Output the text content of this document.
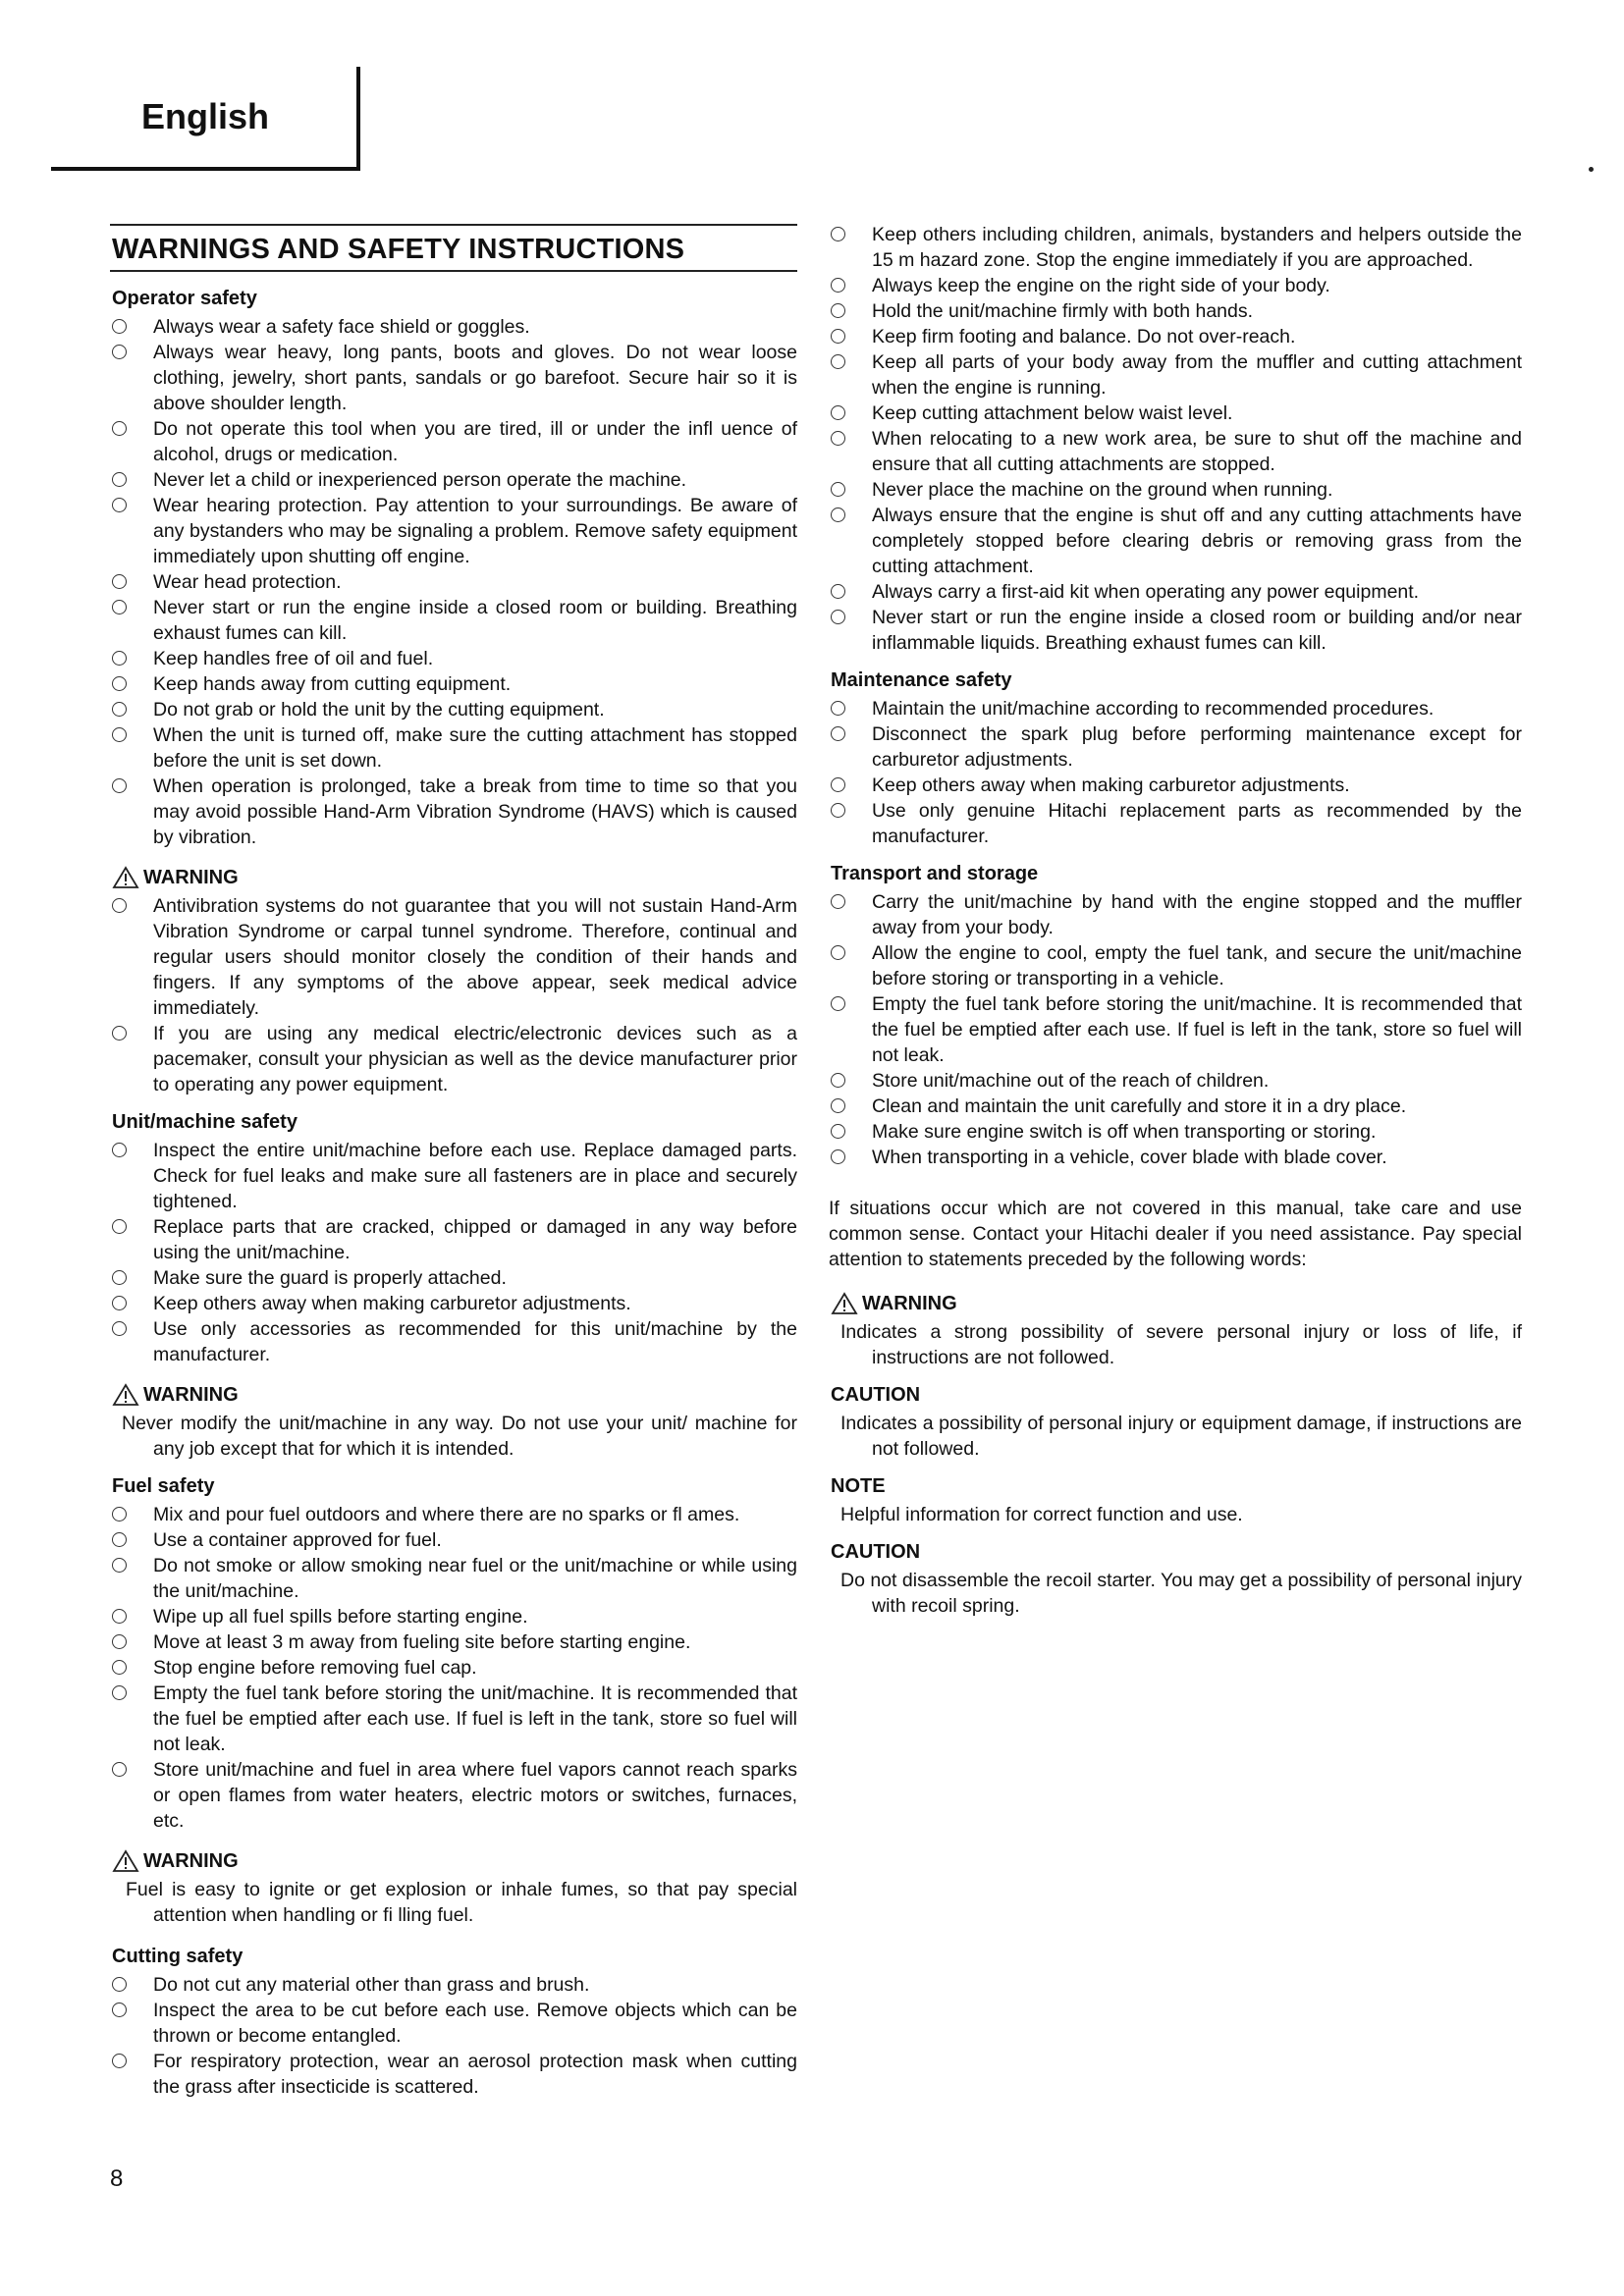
English
WARNINGS AND SAFETY INSTRUCTIONS
Operator safety
Always wear a safety face shield or goggles.
Always wear heavy, long pants, boots and gloves. Do not wear loose clothing, jewelry, short pants, sandals or go barefoot. Secure hair so it is above shoulder length.
Do not operate this tool when you are tired, ill or under the infl uence of alcohol, drugs or medication.
Never let a child or inexperienced person operate the machine.
Wear hearing protection. Pay attention to your surroundings. Be aware of any bystanders who may be signaling a problem. Remove safety equipment immediately upon shutting off engine.
Wear head protection.
Never start or run the engine inside a closed room or building. Breathing exhaust fumes can kill.
Keep handles free of oil and fuel.
Keep hands away from cutting equipment.
Do not grab or hold the unit by the cutting equipment.
When the unit is turned off, make sure the cutting attachment has stopped before the unit is set down.
When operation is prolonged, take a break from time to time so that you may avoid possible Hand-Arm Vibration Syndrome (HAVS) which is caused by vibration.
WARNING
Antivibration systems do not guarantee that you will not sustain Hand-Arm Vibration Syndrome or carpal tunnel syndrome. Therefore, continual and regular users should monitor closely the condition of their hands and fingers. If any symptoms of the above appear, seek medical advice immediately.
If you are using any medical electric/electronic devices such as a pacemaker, consult your physician as well as the device manufacturer prior to operating any power equipment.
Unit/machine safety
Inspect the entire unit/machine before each use. Replace damaged parts. Check for fuel leaks and make sure all fasteners are in place and securely tightened.
Replace parts that are cracked, chipped or damaged in any way before using the unit/machine.
Make sure the guard is properly attached.
Keep others away when making carburetor adjustments.
Use only accessories as recommended for this unit/machine by the manufacturer.
WARNING
Never modify the unit/machine in any way. Do not use your unit/ machine for any job except that for which it is intended.
Fuel safety
Mix and pour fuel outdoors and where there are no sparks or fl ames.
Use a container approved for fuel.
Do not smoke or allow smoking near fuel or the unit/machine or while using the unit/machine.
Wipe up all fuel spills before starting engine.
Move at least 3 m away from fueling site before starting engine.
Stop engine before removing fuel cap.
Empty the fuel tank before storing the unit/machine. It is recommended that the fuel be emptied after each use. If fuel is left in the tank, store so fuel will not leak.
Store unit/machine and fuel in area where fuel vapors cannot reach sparks or open flames from water heaters, electric motors or switches, furnaces, etc.
WARNING
Fuel is easy to ignite or get explosion or inhale fumes, so that pay special attention when handling or fi lling fuel.
Cutting safety
Do not cut any material other than grass and brush.
Inspect the area to be cut before each use. Remove objects which can be thrown or become entangled.
For respiratory protection, wear an aerosol protection mask when cutting the grass after insecticide is scattered.
Keep others including children, animals, bystanders and helpers outside the 15 m hazard zone. Stop the engine immediately if you are approached.
Always keep the engine on the right side of your body.
Hold the unit/machine firmly with both hands.
Keep firm footing and balance. Do not over-reach.
Keep all parts of your body away from the muffler and cutting attachment when the engine is running.
Keep cutting attachment below waist level.
When relocating to a new work area, be sure to shut off the machine and ensure that all cutting attachments are stopped.
Never place the machine on the ground when running.
Always ensure that the engine is shut off and any cutting attachments have completely stopped before clearing debris or removing grass from the cutting attachment.
Always carry a first-aid kit when operating any power equipment.
Never start or run the engine inside a closed room or building and/or near inflammable liquids. Breathing exhaust fumes can kill.
Maintenance safety
Maintain the unit/machine according to recommended procedures.
Disconnect the spark plug before performing maintenance except for carburetor adjustments.
Keep others away when making carburetor adjustments.
Use only genuine Hitachi replacement parts as recommended by the manufacturer.
Transport and storage
Carry the unit/machine by hand with the engine stopped and the muffler away from your body.
Allow the engine to cool, empty the fuel tank, and secure the unit/machine before storing or transporting in a vehicle.
Empty the fuel tank before storing the unit/machine. It is recommended that the fuel be emptied after each use. If fuel is left in the tank, store so fuel will not leak.
Store unit/machine out of the reach of children.
Clean and maintain the unit carefully and store it in a dry place.
Make sure engine switch is off when transporting or storing.
When transporting in a vehicle, cover blade with blade cover.
If situations occur which are not covered in this manual, take care and use common sense. Contact your Hitachi dealer if you need assistance. Pay special attention to statements preceded by the following words:
WARNING
Indicates a strong possibility of severe personal injury or loss of life, if instructions are not followed.
CAUTION
Indicates a possibility of personal injury or equipment damage, if instructions are not followed.
NOTE
Helpful information for correct function and use.
CAUTION
Do not disassemble the recoil starter. You may get a possibility of personal injury with recoil spring.
8
